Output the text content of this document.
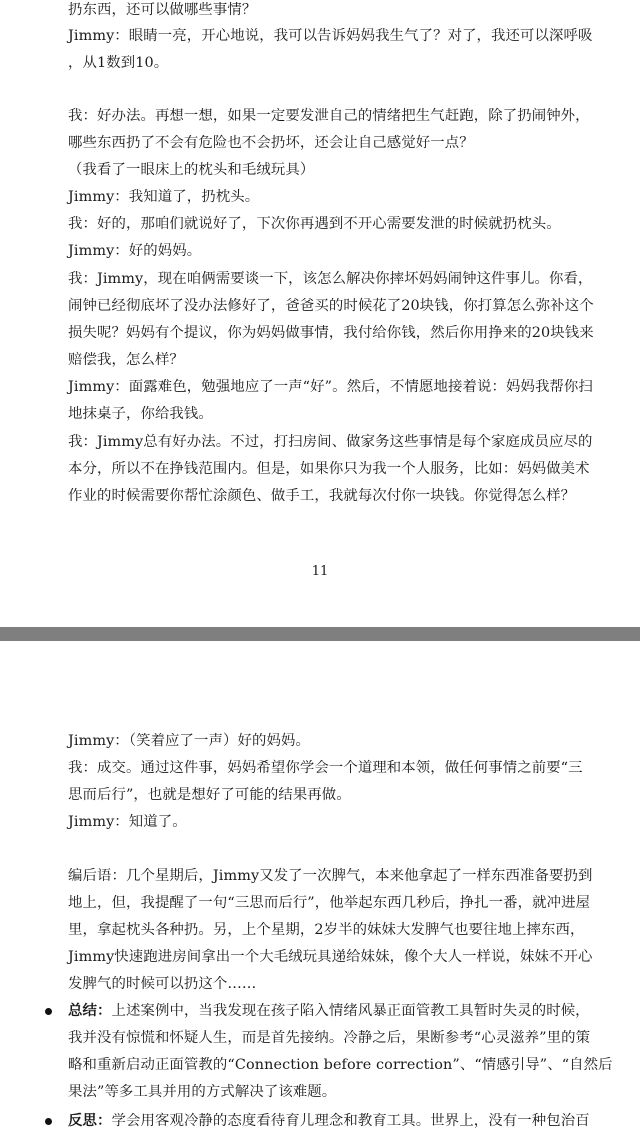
扔东西，还可以做哪些事情？
Jimmy：眼睛一亮，开心地说，我可以告诉妈妈我生气了？对了，我还可以深呼吸
，从1数到10。
我：好办法。再想一想，如果一定要发泄自己的情绪把生气赶跑，除了扔闹钟外，
哪些东西扔了不会有危险也不会扔坏，还会让自己感觉好一点？
（我看了一眼床上的枕头和毛绒玩具）
Jimmy：我知道了，扔枕头。
我：好的，那咱们就说好了，下次你再遇到不开心需要发泄的时候就扔枕头。
Jimmy：好的妈妈。
我：Jimmy，现在咱俩需要谈一下，该怎么解决你摔坏妈妈闹钟这件事儿。你看，
闹钟已经彻底坏了没办法修好了，爸爸买的时候花了20块钱，你打算怎么弥补这个
损失呢？妈妈有个提议，你为妈妈做事情，我付给你钱，然后你用挣来的20块钱来
赔偿我，怎么样？
Jimmy：面露难色，勉强地应了一声“好”。然后，不情愿地接着说：妈妈我帮你扫
地抹桌子，你给我钱。
我：Jimmy总有好办法。不过，打扫房间、做家务这些事情是每个家庭成员应尽的
本分，所以不在挣钱范围内。但是，如果你只为我一个人服务，比如：妈妈做美术
作业的时候需要你帮忙涂颜色、做手工，我就每次付你一块钱。你觉得怎么样？
11
Jimmy：（笑着应了一声）好的妈妈。
我：成交。通过这件事，妈妈希望你学会一个道理和本领，做任何事情之前要“三
思而后行”，也就是想好了可能的结果再做。
Jimmy：知道了。
编后语：几个星期后，Jimmy又发了一次脾气，本来他拿起了一样东西准备要扔到
地上，但，我提醒了一句“三思而后行”，他举起东西几秒后，挣扎一番，就冲进屋
里，拿起枕头各种扔。另，上个星期，2岁半的妹妹大发脾气也要往地上摔东西，
Jimmy快速跑进房间拿出一个大毛绒玩具递给妹妹，像个大人一样说，妹妹不开心
发脾气的时候可以扔这个……
总结：上述案例中，当我发现在孩子陷入情绪风暴正面管教工具暂时失灵的时候，
我并没有惊慌和怀疑人生，而是首先接纳。冷静之后，果断参考“心灵滋养”里的策
略和重新启动正面管教的“Connection before correction”、“情感引导”、“自然后
果法”等多工具并用的方式解决了该难题。
反思：学会用客观冷静的态度看待育儿理念和教育工具。世界上，没有一种包治百
